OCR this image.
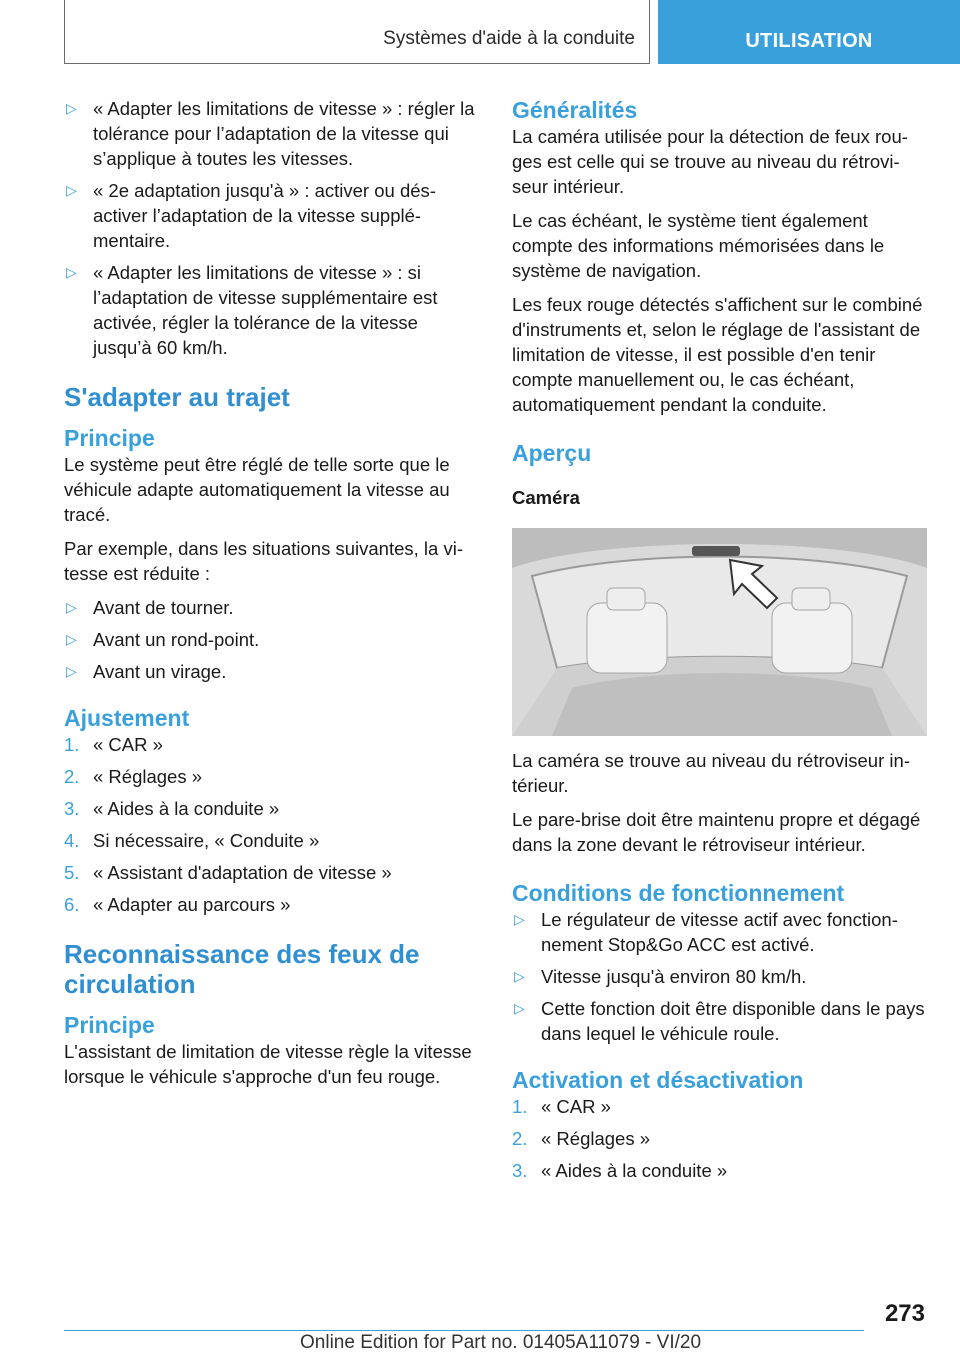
Systèmes d'aide à la conduite	UTILISATION
▷ « Adapter les limitations de vitesse » : régler la tolérance pour l’adaptation de la vitesse qui s’applique à toutes les vitesses.
▷ « 2e adaptation jusqu'à » : activer ou désactiver l’adaptation de la vitesse supplémentaire.
▷ « Adapter les limitations de vitesse » : si l’adaptation de vitesse supplémentaire est activée, régler la tolérance de la vitesse jusqu’à 60 km/h.
S'adapter au trajet
Principe

Le système peut être réglé de telle sorte que le véhicule adapte automatiquement la vitesse au tracé.

Par exemple, dans les situations suivantes, la vitesse est réduite :

▷ Avant de tourner.
▷ Avant un rond-point.
▷ Avant un virage.
Ajustement
1. « CAR »
2. « Réglages »
3. « Aides à la conduite »
4. Si nécessaire, « Conduite »
5. « Assistant d'adaptation de vitesse »
6. « Adapter au parcours »
Reconnaissance des feux de circulation
Principe

L'assistant de limitation de vitesse règle la vitesse lorsque le véhicule s'approche d'un feu rouge.

Généralités

La caméra utilisée pour la détection de feux rouges est celle qui se trouve au niveau du rétroviseur intérieur.

Le cas échéant, le système tient également compte des informations mémorisées dans le système de navigation.

Les feux rouge détectés s'affichent sur le combiné d'instruments et, selon le réglage de l'assistant de limitation de vitesse, il est possible d'en tenir compte manuellement ou, le cas échéant, automatiquement pendant la conduite.

Aperçu
Caméra

La caméra se trouve au niveau du rétroviseur intérieur.

Le pare-brise doit être maintenu propre et dégagé dans la zone devant le rétroviseur intérieur.

Conditions de fonctionnement
▷ Le régulateur de vitesse actif avec fonctionnement Stop&Go ACC est activé.
▷ Vitesse jusqu'à environ 80 km/h.
▷ Cette fonction doit être disponible dans le pays dans lequel le véhicule roule.
Activation et désactivation
1. « CAR »
2. « Réglages »
3. « Aides à la conduite »
273
Online Edition for Part no. 01405A11079 - VI/20
